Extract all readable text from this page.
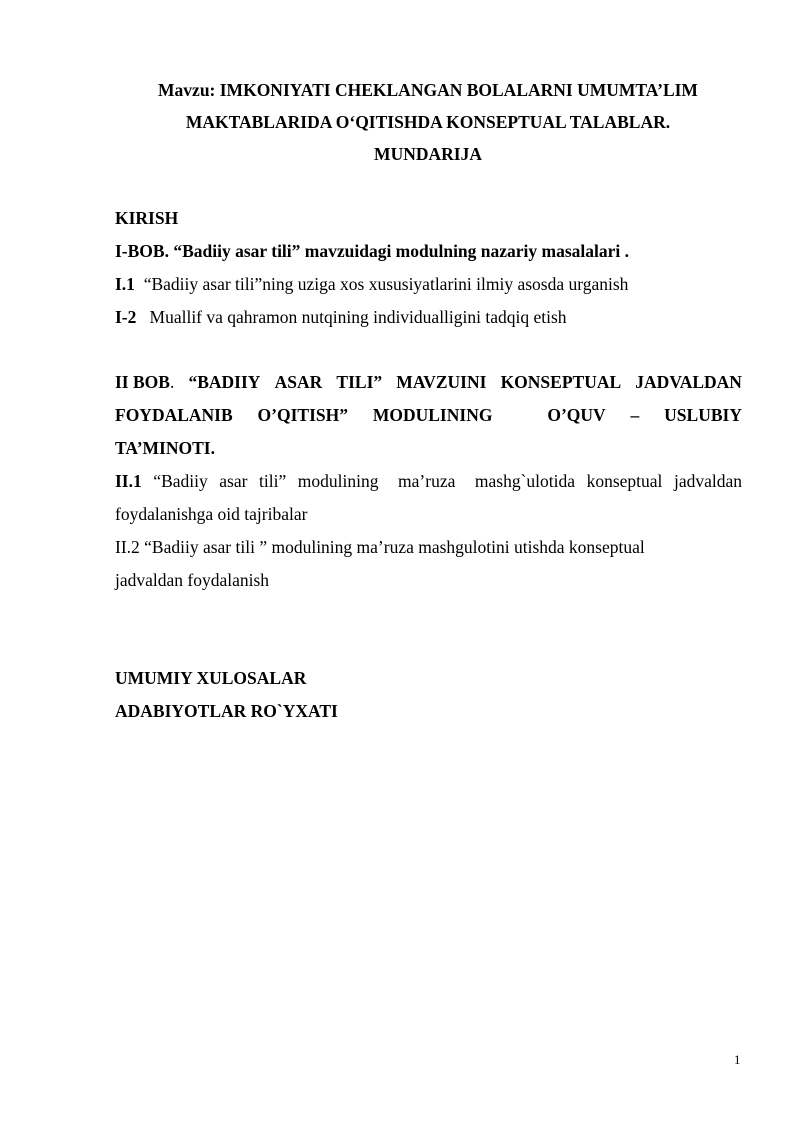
Mavzu: IMKONIYATI CHEKLANGAN BOLALARNI UMUMTA’LIM
MAKTABLARIDA O‘QITISHDA KONSEPTUAL TALABLAR.
MUNDARIJA
KIRISH
I-BOB. “Badiiy asar tili” mavzuidagi modulning nazariy masalalari .
I.1 “Badiiy asar tili”ning uziga xos xususiyatlarini ilmiy asosda urganish
I-2 Muallif va qahramon nutqining individualligini tadqiq etish
II BOB. “BADIIY ASAR TILI” MAVZUINI KONSEPTUAL JADVALDAN
FOYDALANIB O’QITISH” MODULINING	O’QUV – USLUBIY
TA’MINOTI.
II.1 “Badiiy asar tili” modulining ma’ruza mashg`ulotida konseptual jadvaldan
foydalanishga oid tajribalar
II.2 “Badiiy asar tili ” modulining ma’ruza mashgulotini utishda konseptual
jadvaldan foydalanish
UMUMIY XULOSALAR
ADABIYOTLAR RO`YXATI
1
